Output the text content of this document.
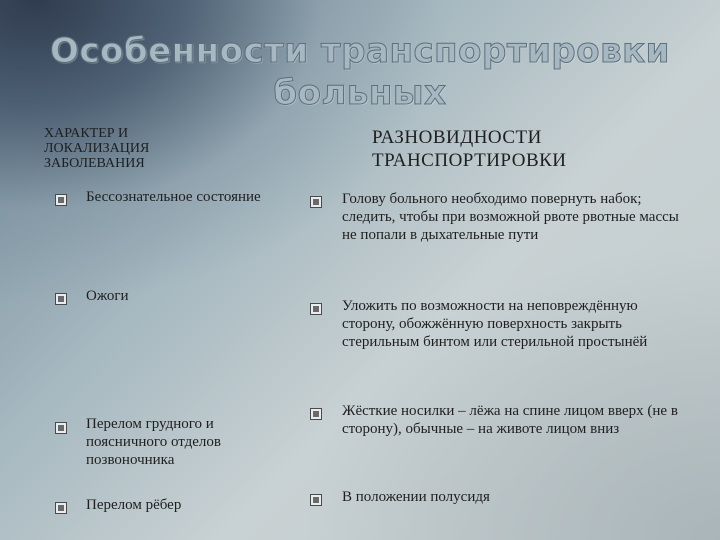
Особенности транспортировки
больных
ХАРАКТЕР И
ЛОКАЛИЗАЦИЯ
ЗАБОЛЕВАНИЯ
РАЗНОВИДНОСТИ
ТРАНСПОРТИРОВКИ
Бессознательное состояние
Ожоги
Перелом грудного и поясничного отделов позвоночника
Перелом рёбер
Голову больного необходимо повернуть набок; следить, чтобы при возможной рвоте рвотные массы не попали в дыхательные пути
Уложить по возможности на неповреждённую сторону, обожжённую поверхность закрыть стерильным бинтом или стерильной простынёй
Жёсткие носилки – лёжа на спине лицом вверх (не в сторону), обычные – на животе лицом вниз
В положении полусидя
